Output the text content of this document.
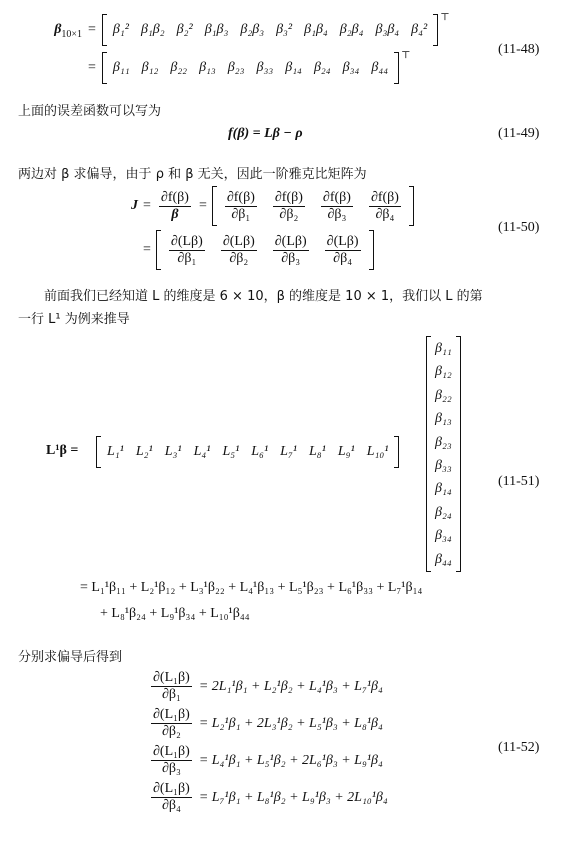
$\beta_{10\times 1} = \beta_1^2$ β₁β₂ β₂² β₁β₃ β₂β₃ β₃² β₁β₄ β₂β₄ β₃β₄ β₄²
⊤
= β₁₁ β₁₂ β₂₂ β₁₃ β₂₃ β₃₃ β₁₄ β₂₄ β₃₄ β₄₄
⊤	(11-48)
上面的误差函数可以写为
f(β) = Lβ − ρ	(11-49)
两边对 β 求偏导，由于 ρ 和 β 无关，因此一阶雅克比矩阵为
$J = \frac{\partial f(\beta)}{\beta} = \frac{\partial f(\beta)}{\text{∂β₁}} \frac{\partial f(\beta)}{\text{∂β₂}} \frac{\partial f(\beta)}{\text{∂β₃}} \frac{\partial f(\beta)}{\text{∂β₄}}$
= $\frac{\partial(L\beta)}{\text{∂β₁}} \frac{\partial(L\beta)}{\text{∂β₂}} \frac{\partial(L\beta)}{\text{∂β₃}} \frac{\partial(L\beta)}{\text{∂β₄}}$
(11-50)
前面我们已经知道 L 的维度是 6 × 10，β 的维度是 10 × 1，我们以 L 的第
一行 L¹ 为例来推导
L¹β = L₁¹ L₂¹ L₃¹ L₄¹ L₅¹ L₆¹ L₇¹ L₈¹ L₉¹ L₁₀¹
β₁₁
β₁₂
β₂₂
β₁₃
β₂₃
β₃₃
β₁₄
β₂₄
β₃₄
β₄₄
(11-51)
= L₁¹β₁₁ + L₂¹β₁₂ + L₃¹β₂₂ + L₄¹β₁₃ + L₅¹β₂₃ + L₆¹β₃₃ + L₇¹β₁₄
+ L₈¹β₂₄ + L₉¹β₃₄ + L₁₀¹β₄₄
分别求偏导后得到
$\frac{\text{∂(L₁β)}}{\text{∂β₁}} = 2L_1^1\beta_1 + L_2^1\beta_2 + L_4^1\beta_3 + L_7^1\beta_4$
$\frac{\text{∂(L₁β)}}{\text{∂β₂}} = L_2^1\beta_1 + 2L_3^1\beta_2 + L_5^1\beta_3 + L_8^1\beta_4$
$\frac{\text{∂(L₁β)}}{\text{∂β₃}} = L_4^1\beta_1 + L_5^1\beta_2 + 2L_6^1\beta_3 + L_9^1\beta_4$
$\frac{\text{∂(L₁β)}}{\text{∂β₄}} = L_7^1\beta_1 + L_8^1\beta_2 + L_9^1\beta_3 + 2L_{10}^1\beta_4$
(11-52)
